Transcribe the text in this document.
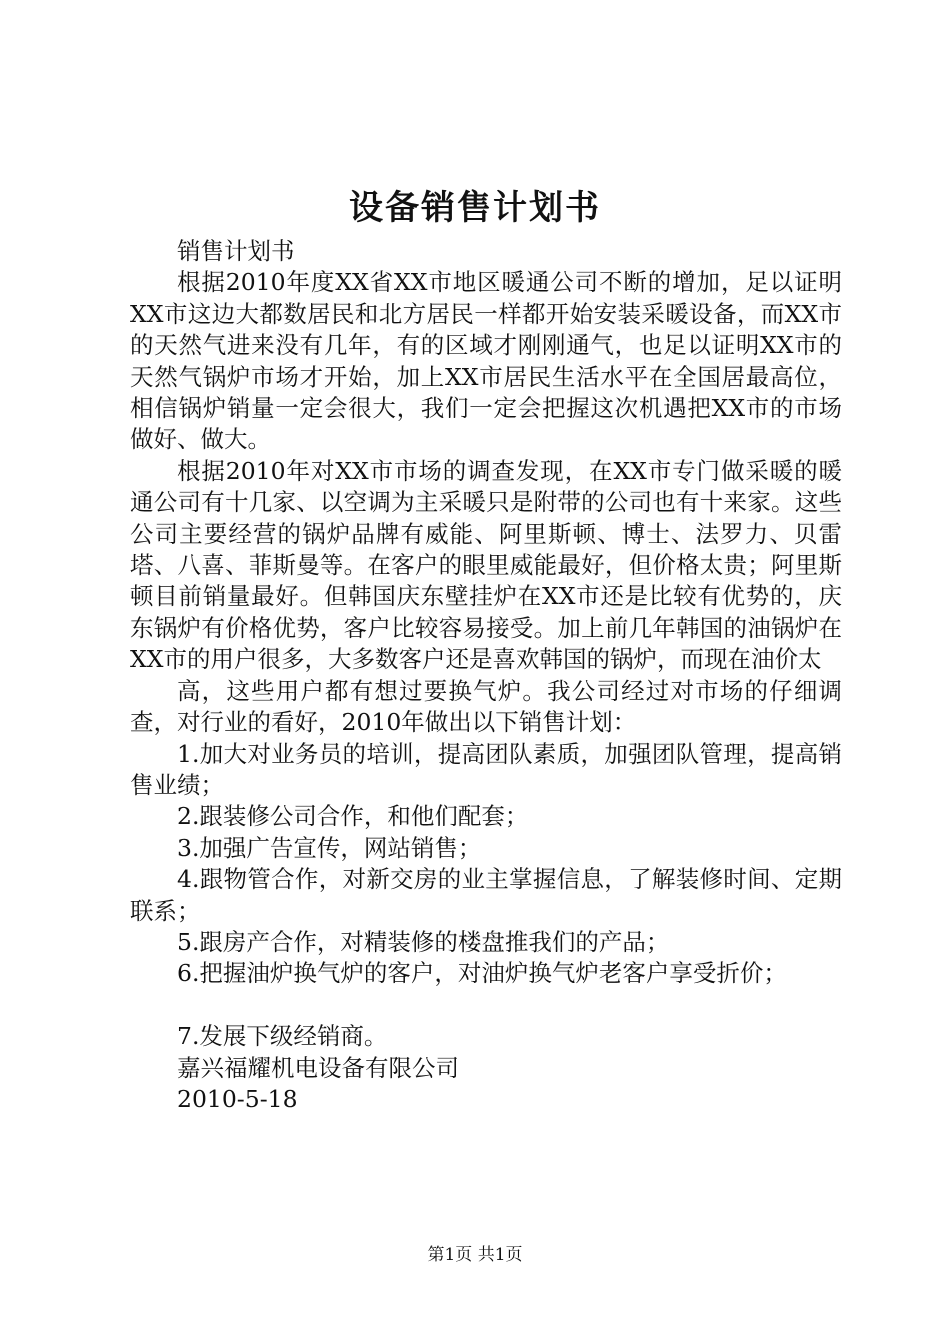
设备销售计划书

销售计划书

根据2010年度XX省XX市地区暖通公司不断的增加，足以证明XX市这边大都数居民和北方居民一样都开始安装采暖设备，而XX市的天然气进来没有几年，有的区域才刚刚通气，也足以证明XX市的天然气锅炉市场才开始，加上XX市居民生活水平在全国居最高位，相信锅炉销量一定会很大，我们一定会把握这次机遇把XX市的市场做好、做大。

根据2010年对XX市市场的调查发现，在XX市专门做采暖的暖通公司有十几家、以空调为主采暖只是附带的公司也有十来家。这些公司主要经营的锅炉品牌有威能、阿里斯顿、博士、法罗力、贝雷塔、八喜、菲斯曼等。在客户的眼里威能最好，但价格太贵；阿里斯顿目前销量最好。但韩国庆东壁挂炉在XX市还是比较有优势的，庆东锅炉有价格优势，客户比较容易接受。加上前几年韩国的油锅炉在XX市的用户很多，大多数客户还是喜欢韩国的锅炉，而现在油价太

高，这些用户都有想过要换气炉。我公司经过对市场的仔细调查，对行业的看好，2010年做出以下销售计划：

1.加大对业务员的培训，提高团队素质，加强团队管理，提高销售业绩；

2.跟装修公司合作，和他们配套；

3.加强广告宣传，网站销售；

4.跟物管合作，对新交房的业主掌握信息，了解装修时间、定期联系；

5.跟房产合作，对精装修的楼盘推我们的产品；

6.把握油炉换气炉的客户，对油炉换气炉老客户享受折价；

7.发展下级经销商。

嘉兴福耀机电设备有限公司

2010-5-18

第1页 共1页
